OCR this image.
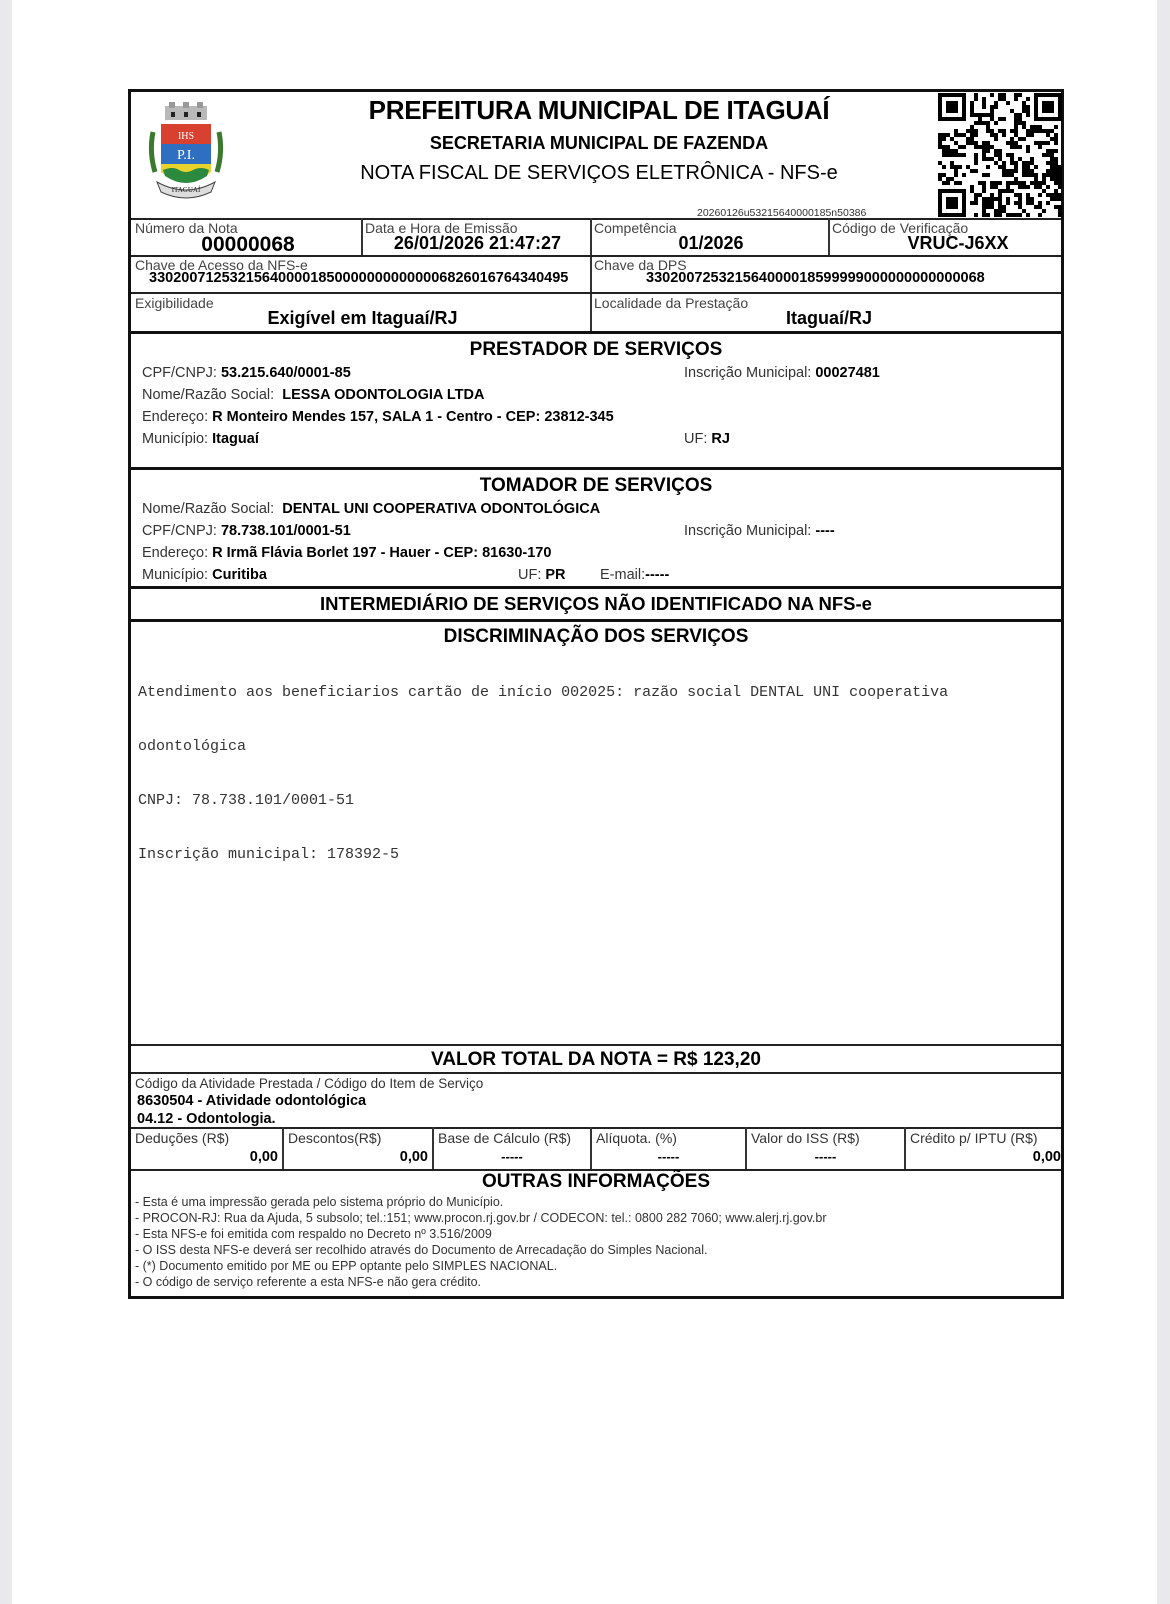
IHS
P.I.
ITAGUAÍ
PREFEITURA MUNICIPAL DE ITAGUAÍ
SECRETARIA MUNICIPAL DE FAZENDA
NOTA FISCAL DE SERVIÇOS ELETRÔNICA - NFS-e
20260126u53215640000185n50386
Número da Nota
00000068
Data e Hora de Emissão
26/01/2026 21:47:27
Competência
01/2026
Código de Verificação
VRUC-J6XX
Chave de Acesso da NFS-e
3302007125321564000018500000000000006826016764340495
Chave da DPS
330200725321564000018599999000000000000068
Exigibilidade
Exigível em Itaguaí/RJ
Localidade da Prestação
Itaguaí/RJ
PRESTADOR DE SERVIÇOS
CPF/CNPJ: 53.215.640/0001-85	Inscrição Municipal: 00027481
Nome/Razão Social: LESSA ODONTOLOGIA LTDA
Endereço: R Monteiro Mendes 157, SALA 1 - Centro - CEP: 23812-345
Município: Itaguaí	UF: RJ
TOMADOR DE SERVIÇOS
Nome/Razão Social: DENTAL UNI COOPERATIVA ODONTOLÓGICA
CPF/CNPJ: 78.738.101/0001-51	Inscrição Municipal: ----
Endereço: R Irmã Flávia Borlet 197 - Hauer - CEP: 81630-170
Município: Curitiba	UF: PR E-mail:-----
INTERMEDIÁRIO DE SERVIÇOS NÃO IDENTIFICADO NA NFS-e
DISCRIMINAÇÃO DOS SERVIÇOS

Atendimento aos beneficiarios cartão de início 002025: razão social DENTAL UNI cooperativa

odontológica

CNPJ: 78.738.101/0001-51

Inscrição municipal: 178392-5

VALOR TOTAL DA NOTA = R$ 123,20
Código da Atividade Prestada / Código do Item de Serviço
8630504 - Atividade odontológica
04.12 - Odontologia.
Deduções (R$)
0,00
Descontos(R$)
0,00
Base de Cálculo (R$)
-----
Alíquota. (%)
-----
Valor do ISS (R$)
-----
Crédito p/ IPTU (R$)
0,00
OUTRAS INFORMAÇÕES
- Esta é uma impressão gerada pelo sistema próprio do Município.
- PROCON-RJ: Rua da Ajuda, 5 subsolo; tel.:151; www.procon.rj.gov.br / CODECON: tel.: 0800 282 7060; www.alerj.rj.gov.br
- Esta NFS-e foi emitida com respaldo no Decreto nº 3.516/2009
- O ISS desta NFS-e deverá ser recolhido através do Documento de Arrecadação do Simples Nacional.
- (*) Documento emitido por ME ou EPP optante pelo SIMPLES NACIONAL.
- O código de serviço referente a esta NFS-e não gera crédito.
